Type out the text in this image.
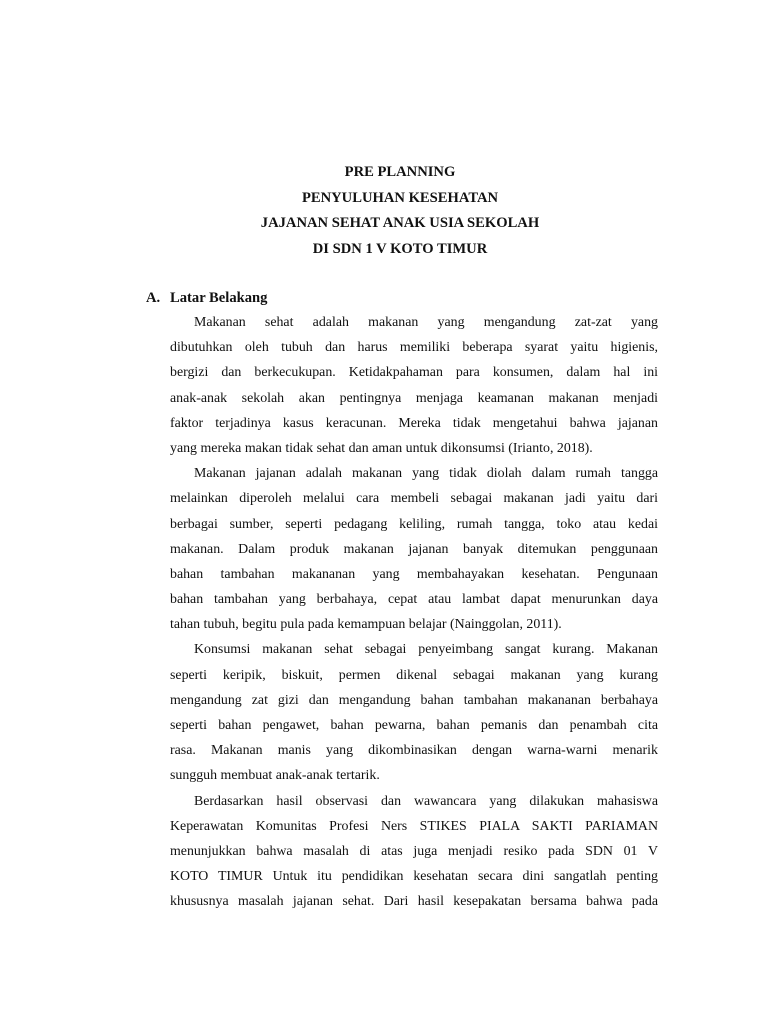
PRE PLANNING
PENYULUHAN KESEHATAN
JAJANAN SEHAT ANAK USIA SEKOLAH
DI SDN 1 V KOTO TIMUR
A. Latar Belakang

Makanan sehat adalah makanan yang mengandung zat-zat yang
dibutuhkan oleh tubuh dan harus memiliki beberapa syarat yaitu higienis,
bergizi dan berkecukupan. Ketidakpahaman para konsumen, dalam hal ini
anak-anak sekolah akan pentingnya menjaga keamanan makanan menjadi
faktor terjadinya kasus keracunan. Mereka tidak mengetahui bahwa jajanan
yang mereka makan tidak sehat dan aman untuk dikonsumsi (Irianto, 2018).

Makanan jajanan adalah makanan yang tidak diolah dalam rumah tangga
melainkan diperoleh melalui cara membeli sebagai makanan jadi yaitu dari
berbagai sumber, seperti pedagang keliling, rumah tangga, toko atau kedai
makanan. Dalam produk makanan jajanan banyak ditemukan penggunaan
bahan tambahan makananan yang membahayakan kesehatan. Pengunaan
bahan tambahan yang berbahaya, cepat atau lambat dapat menurunkan daya
tahan tubuh, begitu pula pada kemampuan belajar (Nainggolan, 2011).

Konsumsi makanan sehat sebagai penyeimbang sangat kurang. Makanan
seperti keripik, biskuit, permen dikenal sebagai makanan yang kurang
mengandung zat gizi dan mengandung bahan tambahan makananan berbahaya
seperti bahan pengawet, bahan pewarna, bahan pemanis dan penambah cita
rasa. Makanan manis yang dikombinasikan dengan warna-warni menarik
sungguh membuat anak-anak tertarik.

Berdasarkan hasil observasi dan wawancara yang dilakukan mahasiswa
Keperawatan Komunitas Profesi Ners STIKES PIALA SAKTI PARIAMAN
menunjukkan bahwa masalah di atas juga menjadi resiko pada SDN 01 V
KOTO TIMUR Untuk itu pendidikan kesehatan secara dini sangatlah penting
khususnya masalah jajanan sehat. Dari hasil kesepakatan bersama bahwa pada
